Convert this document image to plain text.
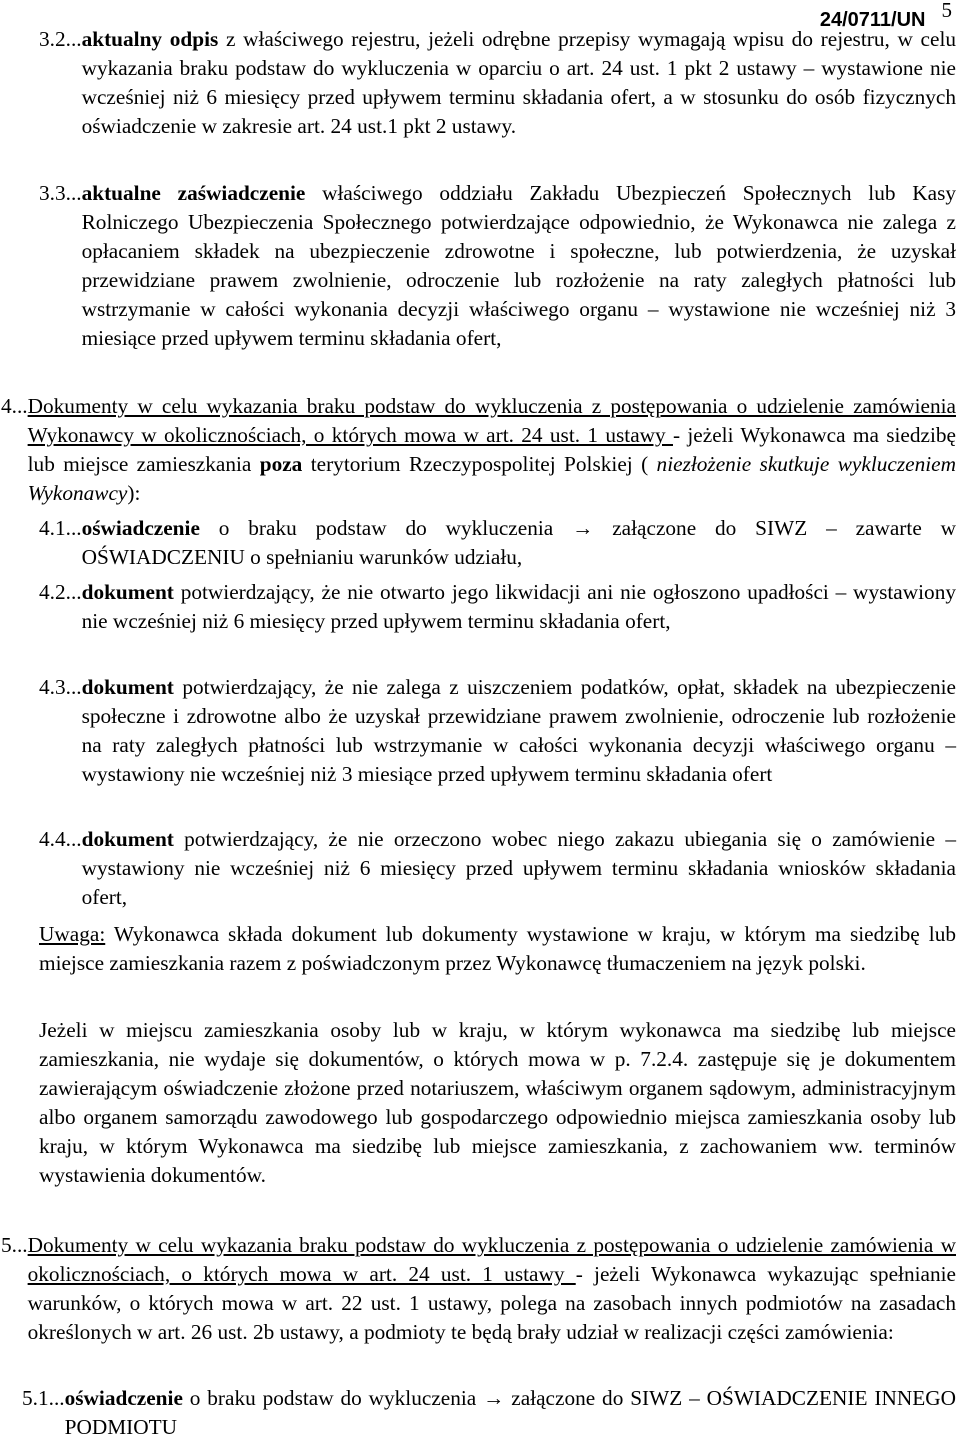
24/0711/UN 5
3.2... aktualny odpis z właściwego rejestru, jeżeli odrębne przepisy wymagają wpisu do rejestru, w celu wykazania braku podstaw do wykluczenia w oparciu o art. 24 ust. 1 pkt 2 ustawy – wystawione nie wcześniej niż 6 miesięcy przed upływem terminu składania ofert, a w stosunku do osób fizycznych oświadczenie w zakresie art. 24 ust.1 pkt 2 ustawy.
3.3... aktualne zaświadczenie właściwego oddziału Zakładu Ubezpieczeń Społecznych lub Kasy Rolniczego Ubezpieczenia Społecznego potwierdzające odpowiednio, że Wykonawca nie zalega z opłacaniem składek na ubezpieczenie zdrowotne i społeczne, lub potwierdzenia, że uzyskał przewidziane prawem zwolnienie, odroczenie lub rozłożenie na raty zaległych płatności lub wstrzymanie w całości wykonania decyzji właściwego organu – wystawione nie wcześniej niż 3 miesiące przed upływem terminu składania ofert,
4... Dokumenty w celu wykazania braku podstaw do wykluczenia z postępowania o udzielenie zamówienia Wykonawcy w okolicznościach, o których mowa w art. 24 ust. 1 ustawy - jeżeli Wykonawca ma siedzibę lub miejsce zamieszkania poza terytorium Rzeczypospolitej Polskiej ( niezłożenie skutkuje wykluczeniem Wykonawcy):
4.1... oświadczenie o braku podstaw do wykluczenia → załączone do SIWZ – zawarte w OŚWIADCZENIU o spełnianiu warunków udziału,
4.2... dokument potwierdzający, że nie otwarto jego likwidacji ani nie ogłoszono upadłości – wystawiony nie wcześniej niż 6 miesięcy przed upływem terminu składania ofert,
4.3... dokument potwierdzający, że nie zalega z uiszczeniem podatków, opłat, składek na ubezpieczenie społeczne i zdrowotne albo że uzyskał przewidziane prawem zwolnienie, odroczenie lub rozłożenie na raty zaległych płatności lub wstrzymanie w całości wykonania decyzji właściwego organu – wystawiony nie wcześniej niż 3 miesiące przed upływem terminu składania ofert
4.4... dokument potwierdzający, że nie orzeczono wobec niego zakazu ubiegania się o zamówienie – wystawiony nie wcześniej niż 6 miesięcy przed upływem terminu składania wniosków składania ofert,

Uwaga: Wykonawca składa dokument lub dokumenty wystawione w kraju, w którym ma siedzibę lub miejsce zamieszkania razem z poświadczonym przez Wykonawcę tłumaczeniem na język polski.

Jeżeli w miejscu zamieszkania osoby lub w kraju, w którym wykonawca ma siedzibę lub miejsce zamieszkania, nie wydaje się dokumentów, o których mowa w p. 7.2.4. zastępuje się je dokumentem zawierającym oświadczenie złożone przed notariuszem, właściwym organem sądowym, administracyjnym albo organem samorządu zawodowego lub gospodarczego odpowiednio miejsca zamieszkania osoby lub kraju, w którym Wykonawca ma siedzibę lub miejsce zamieszkania, z zachowaniem ww. terminów wystawienia dokumentów.

5... Dokumenty w celu wykazania braku podstaw do wykluczenia z postępowania o udzielenie zamówienia w okolicznościach, o których mowa w art. 24 ust. 1 ustawy - jeżeli Wykonawca wykazując spełnianie warunków, o których mowa w art. 22 ust. 1 ustawy, polega na zasobach innych podmiotów na zasadach określonych w art. 26 ust. 2b ustawy, a podmioty te będą brały udział w realizacji części zamówienia:
5.1... oświadczenie o braku podstaw do wykluczenia → załączone do SIWZ – OŚWIADCZENIE INNEGO PODMIOTU
